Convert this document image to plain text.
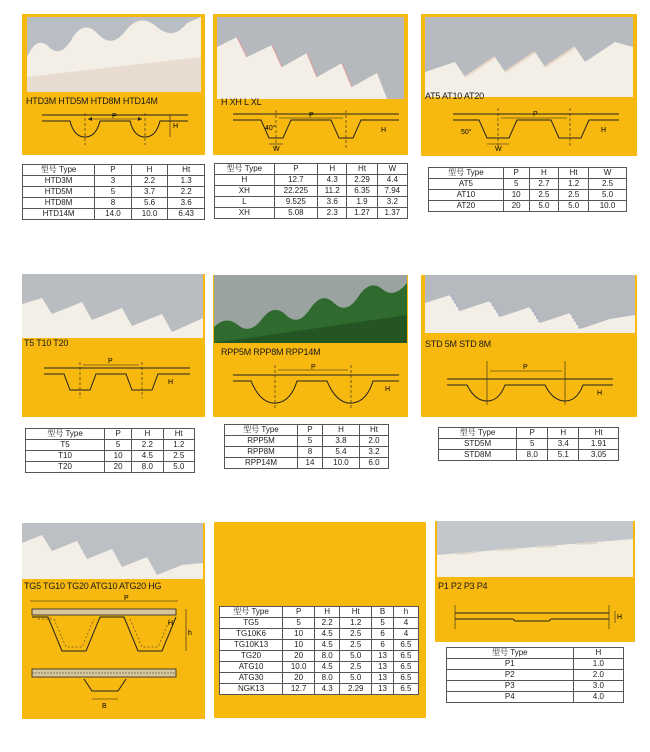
HTD3M HTD5M HTD8M HTD14M
P
H
型号 Type	P	H	Ht
HTD3M	3	2.2	1.3
HTD5M	5	3.7	2.2
HTD8M	8	5.6	3.6
HTD14M	14.0	10.0	6.43
H XH L XL
P
40°
W
H
型号 Type	P	H	Ht	W
H	12.7	4.3	2.29	4.4
XH	22.225	11.2	6.35	7.94
L	9.525	3.6	1.9	3.2
XH	5.08	2.3	1.27	1.37
AT5 AT10 AT20
P
50°
W
H
型号 Type	P	H	Ht	W
AT5	5	2.7	1.2	2.5
AT10	10	2.5	2.5	5.0
AT20	20	5.0	5.0	10.0
T5 T10 T20
P
H
型号 Type	P	H	Ht
T5	5	2.2	1.2
T10	10	4.5	2.5
T20	20	8.0	5.0
RPP5M RPP8M RPP14M
P
H
型号 Type	P	H	Ht
RPP5M	5	3.8	2.0
RPP8M	8	5.4	3.2
RPP14M	14	10.0	6.0
STD 5M STD 8M
P
H
型号 Type	P	H	Ht
STD5M	5	3.4	1.91
STD8M	8.0	5.1	3.05
TG5 TG10 TG20 ATG10 ATG20 HG
P
h
H
B
P1 P2 P3 P4
H
型号 Type	H
P1	1.0
P2	2.0
P3	3.0
P4	4.0
型号 Type	P	H	Ht	B	h
TG5	5	2.2	1.2	5	4
TG10K6	10	4.5	2.5	6	4
TG10K13	10	4.5	2.5	6	6.5
TG20	20	8.0	5.0	13	6.5
ATG10	10.0	4.5	2.5	13	6.5
ATG30	20	8.0	5.0	13	6.5
NGK13	12.7	4.3	2.29	13	6.5
